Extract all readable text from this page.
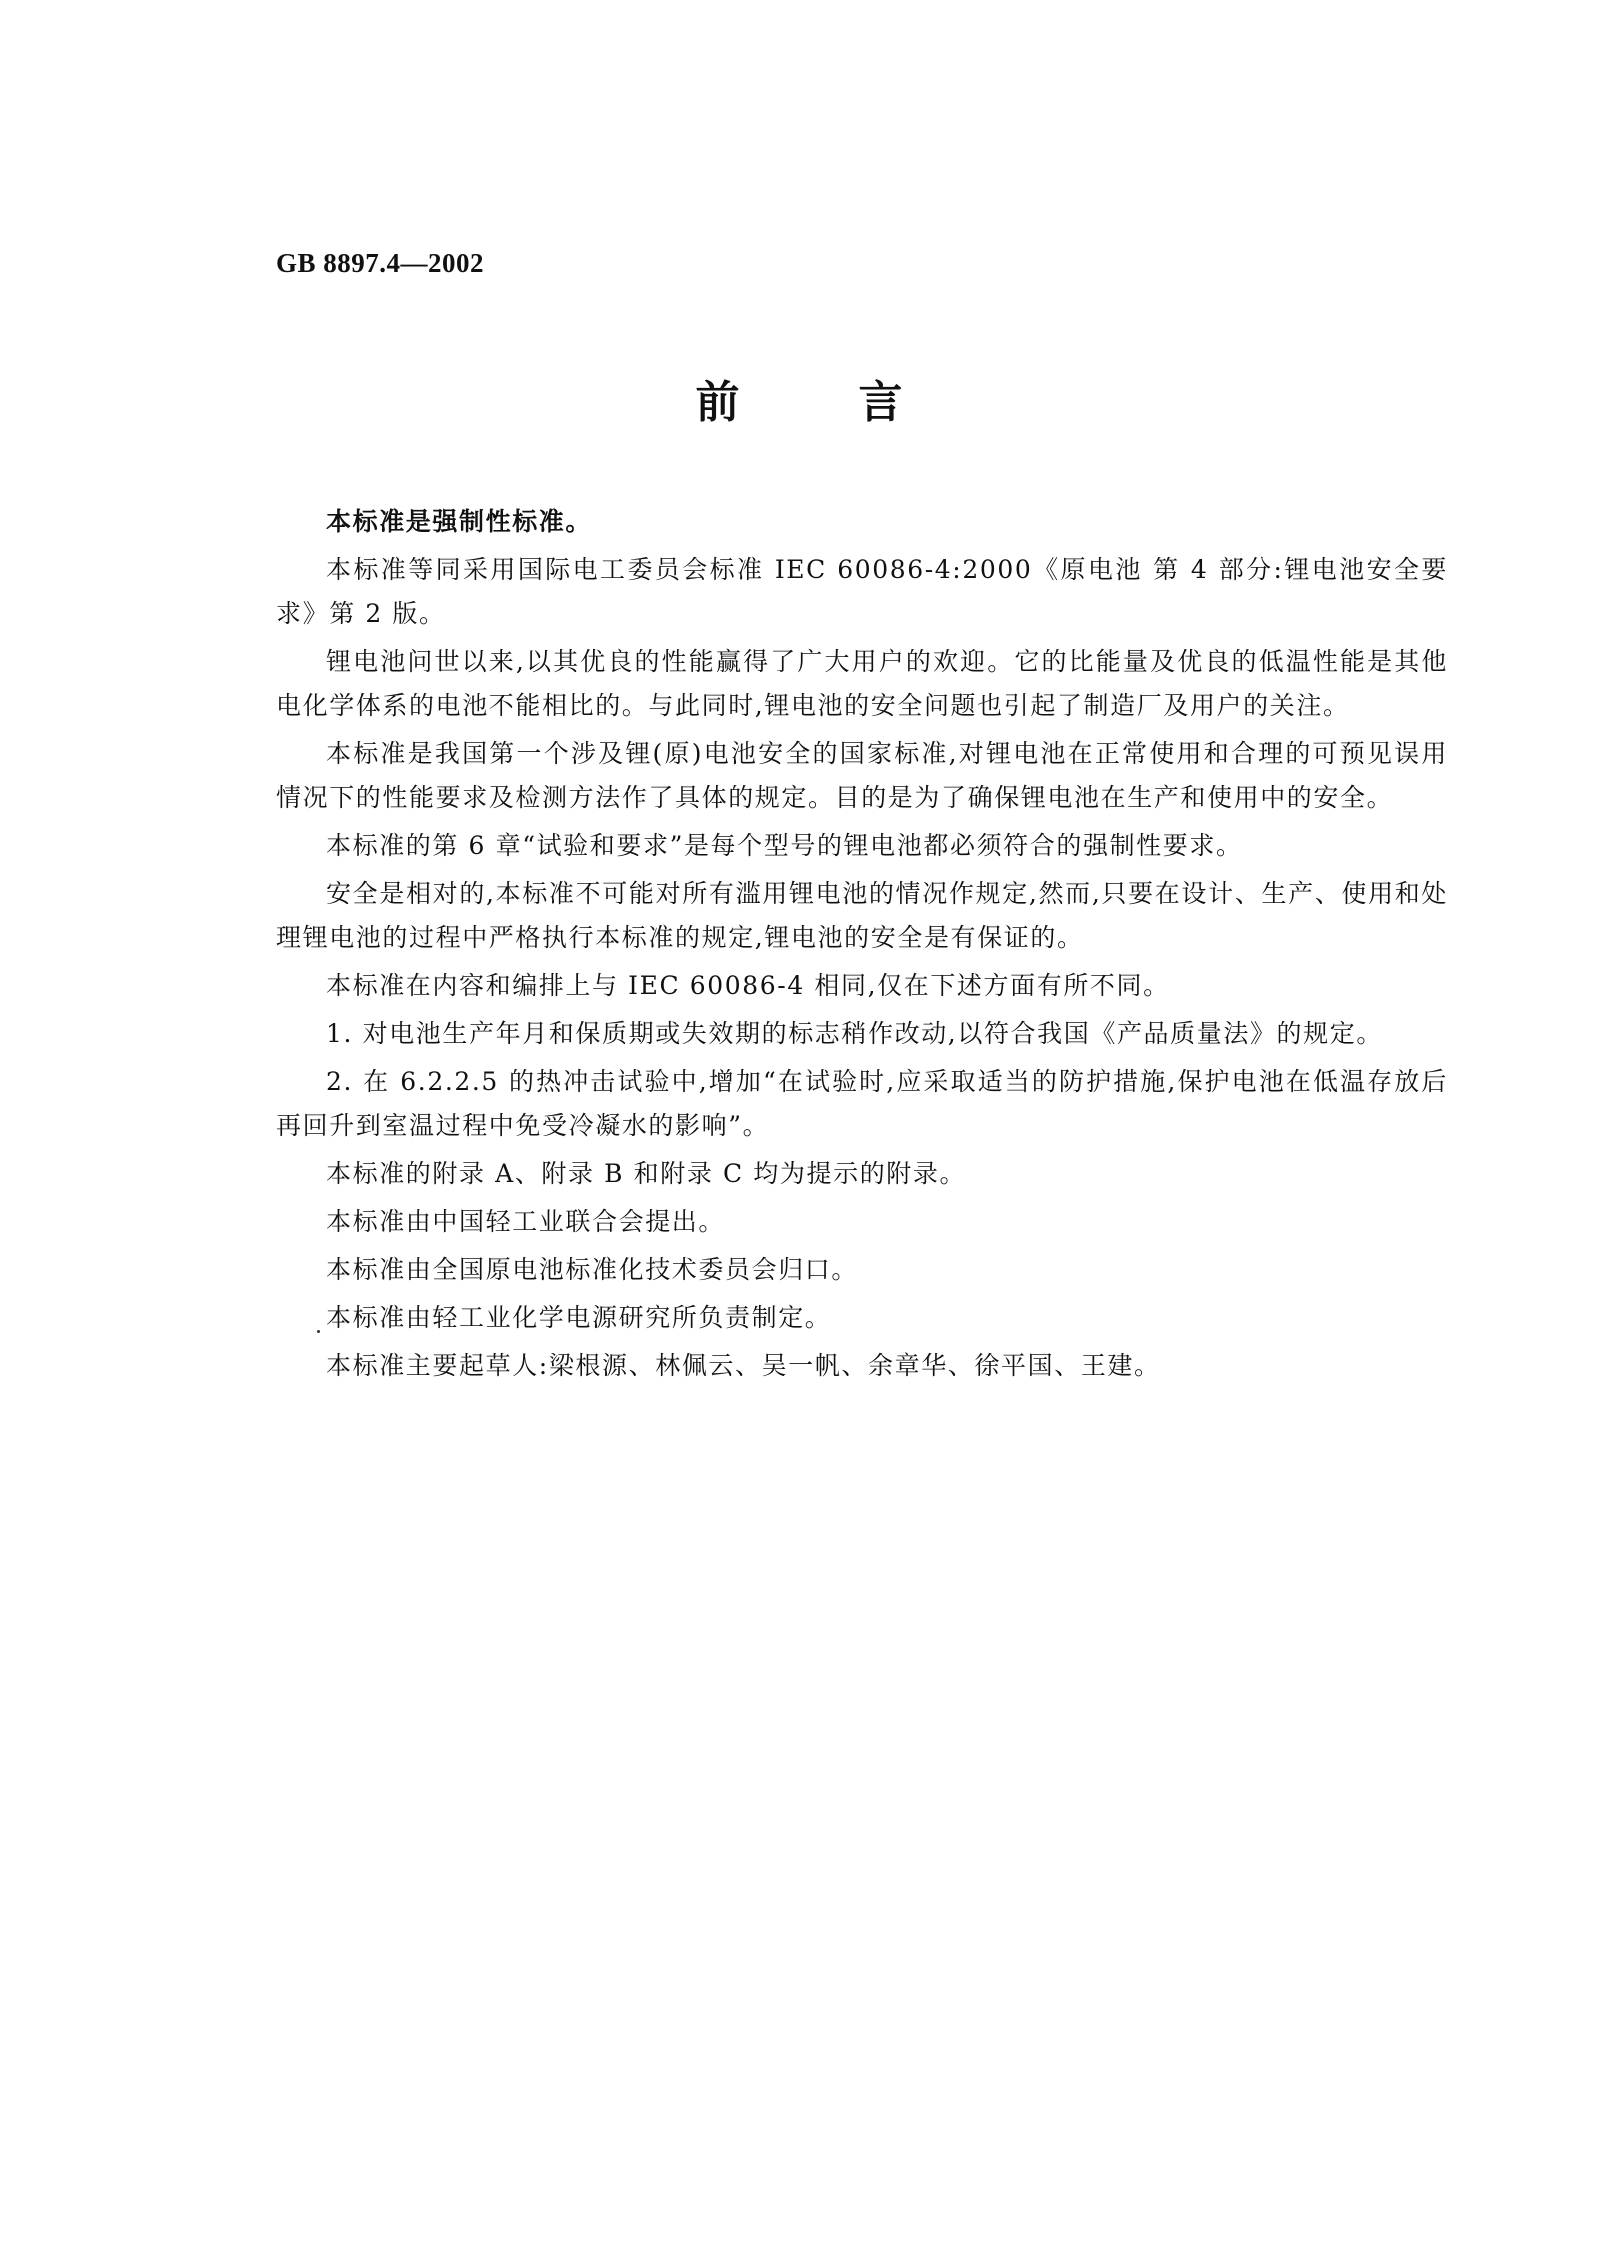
GB 8897.4—2002
前	言

本标准是强制性标准。

本标准等同采用国际电工委员会标准 IEC 60086-4:2000《原电池 第 4 部分:锂电池安全要求》第 2 版。

锂电池问世以来,以其优良的性能赢得了广大用户的欢迎。它的比能量及优良的低温性能是其他电化学体系的电池不能相比的。与此同时,锂电池的安全问题也引起了制造厂及用户的关注。

本标准是我国第一个涉及锂(原)电池安全的国家标准,对锂电池在正常使用和合理的可预见误用情况下的性能要求及检测方法作了具体的规定。目的是为了确保锂电池在生产和使用中的安全。

本标准的第 6 章“试验和要求”是每个型号的锂电池都必须符合的强制性要求。

安全是相对的,本标准不可能对所有滥用锂电池的情况作规定,然而,只要在设计、生产、使用和处理锂电池的过程中严格执行本标准的规定,锂电池的安全是有保证的。

本标准在内容和编排上与 IEC 60086-4 相同,仅在下述方面有所不同。

1. 对电池生产年月和保质期或失效期的标志稍作改动,以符合我国《产品质量法》的规定。

2. 在 6.2.2.5 的热冲击试验中,增加“在试验时,应采取适当的防护措施,保护电池在低温存放后再回升到室温过程中免受冷凝水的影响”。

本标准的附录 A、附录 B 和附录 C 均为提示的附录。

本标准由中国轻工业联合会提出。

本标准由全国原电池标准化技术委员会归口。

本标准由轻工业化学电源研究所负责制定。

本标准主要起草人:梁根源、林佩云、吴一帆、余章华、徐平国、王建。
